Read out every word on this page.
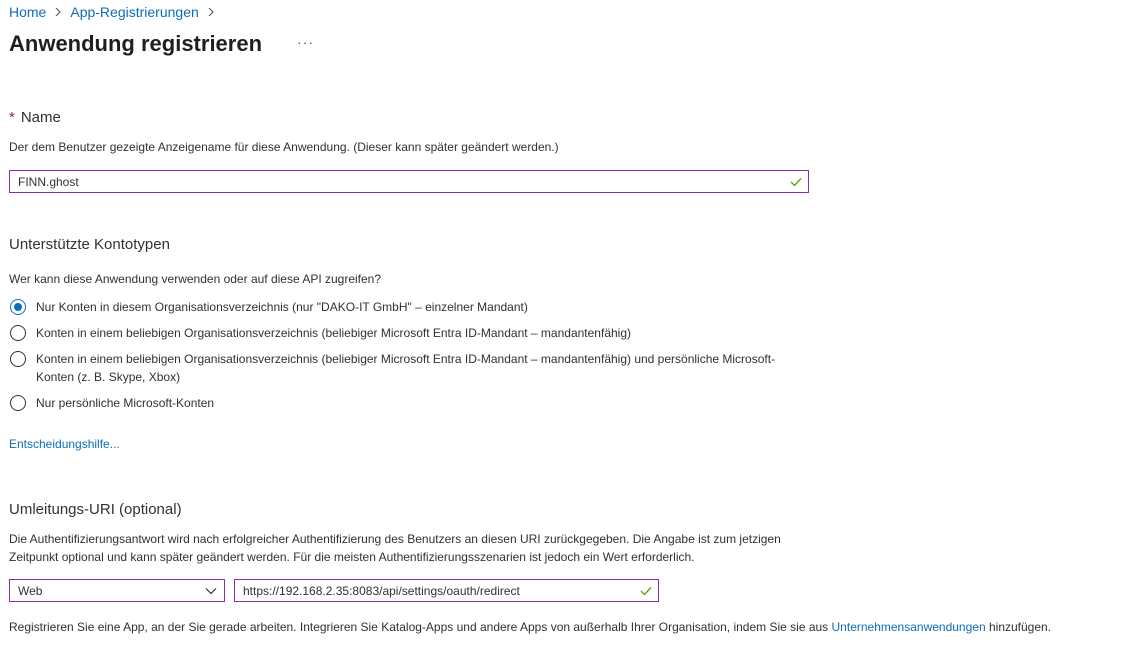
Home App-Registrierungen
Anwendung registrieren ···
* Name
Der dem Benutzer gezeigte Anzeigename für diese Anwendung. (Dieser kann später geändert werden.)
FINN.ghost
Unterstützte Kontotypen
Wer kann diese Anwendung verwenden oder auf diese API zugreifen?
Nur Konten in diesem Organisationsverzeichnis (nur "DAKO-IT GmbH" – einzelner Mandant)
Konten in einem beliebigen Organisationsverzeichnis (beliebiger Microsoft Entra ID-Mandant – mandantenfähig)
Konten in einem beliebigen Organisationsverzeichnis (beliebiger Microsoft Entra ID-Mandant – mandantenfähig) und persönliche Microsoft-Konten (z. B. Skype, Xbox)
Nur persönliche Microsoft-Konten
Entscheidungshilfe...
Umleitungs-URI (optional)
Die Authentifizierungsantwort wird nach erfolgreicher Authentifizierung des Benutzers an diesen URI zurückgegeben. Die Angabe ist zum jetzigen Zeitpunkt optional und kann später geändert werden. Für die meisten Authentifizierungsszenarien ist jedoch ein Wert erforderlich.
Web	https://192.168.2.35:8083/api/settings/oauth/redirect
Registrieren Sie eine App, an der Sie gerade arbeiten. Integrieren Sie Katalog-Apps und andere Apps von außerhalb Ihrer Organisation, indem Sie sie aus Unternehmensanwendungen hinzufügen.
